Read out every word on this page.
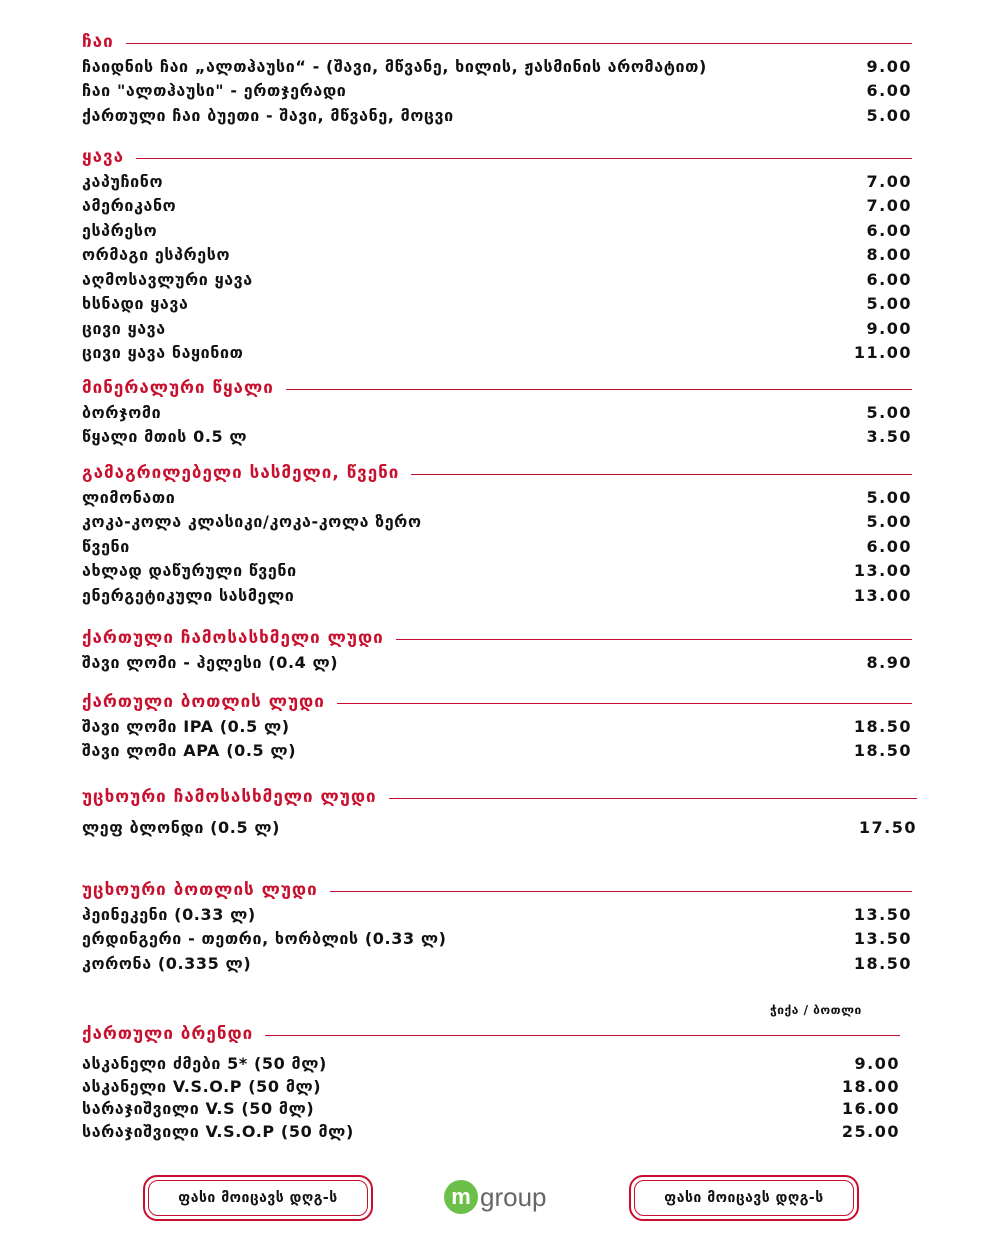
ჩაი
ჩაიდნის ჩაი „ალთჰაუსი“ - (შავი, მწვანე, ხილის, ჟასმინის არომატით)	9.00
ჩაი "ალთჰაუსი" - ერთჯერადი	6.00
ქართული ჩაი ბუეთი - შავი, მწვანე, მოცვი	5.00
ყავა
კაპუჩინო	7.00
ამერიკანო	7.00
ესპრესო	6.00
ორმაგი ესპრესო	8.00
აღმოსავლური ყავა	6.00
ხსნადი ყავა	5.00
ცივი ყავა	9.00
ცივი ყავა ნაყინით	11.00
მინერალური წყალი
ბორჯომი	5.00
წყალი მთის 0.5 ლ	3.50
გამაგრილებელი სასმელი, წვენი
ლიმონათი	5.00
კოკა-კოლა კლასიკი/კოკა-კოლა ზერო	5.00
წვენი	6.00
ახლად დაწურული წვენი	13.00
ენერგეტიკული სასმელი	13.00
ქართული ჩამოსასხმელი ლუდი
შავი ლომი - ჰელესი (0.4 ლ)	8.90
ქართული ბოთლის ლუდი
შავი ლომი IPA (0.5 ლ)	18.50
შავი ლომი APA (0.5 ლ)	18.50
უცხოური ჩამოსასხმელი ლუდი
ლეფ ბლონდი (0.5 ლ)	17.50
უცხოური ბოთლის ლუდი
ჰეინეკენი (0.33 ლ)	13.50
ერდინგერი - თეთრი, ხორბლის (0.33 ლ)	13.50
კორონა (0.335 ლ)	18.50
ჭიქა / ბოთლი
ქართული ბრენდი
ასკანელი ძმები 5* (50 მლ)	9.00
ასკანელი V.S.O.P (50 მლ)	18.00
სარაჯიშვილი V.S (50 მლ)	16.00
სარაჯიშვილი V.S.O.P (50 მლ)	25.00
ფასი მოიცავს დღგ-ს	m group	ფასი მოიცავს დღგ-ს
